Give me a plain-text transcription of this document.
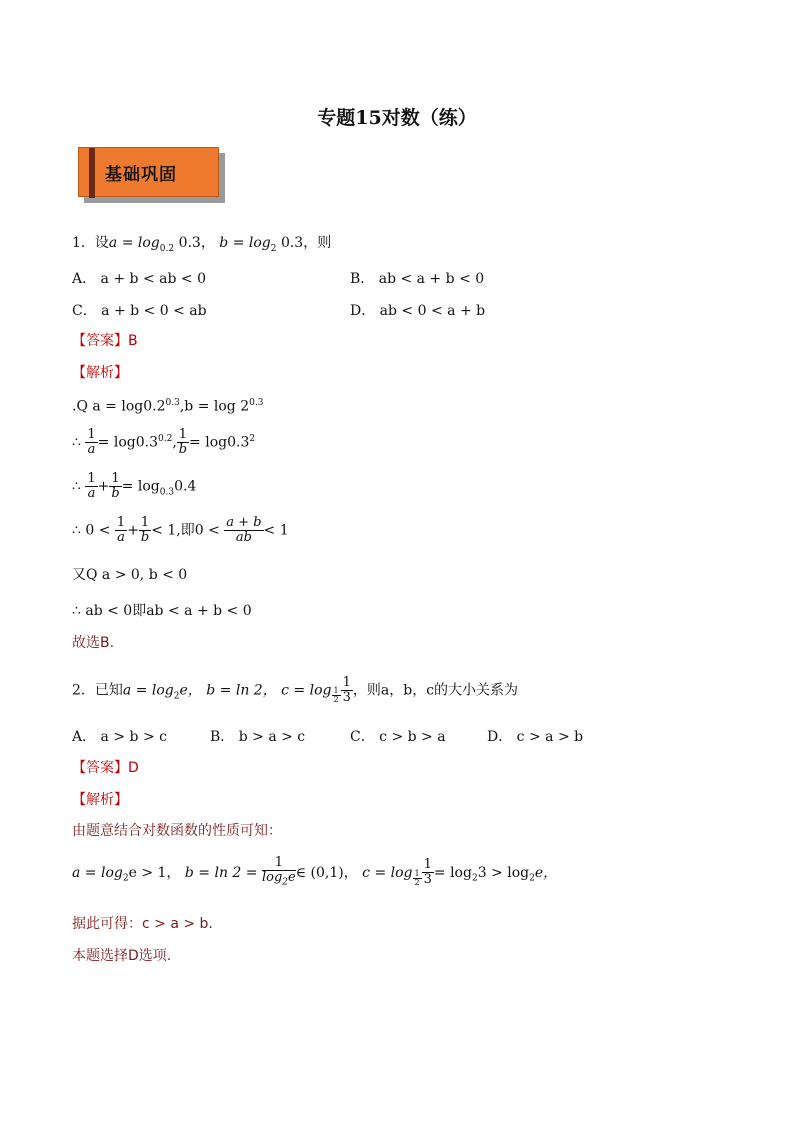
专题15对数（练）
基础巩固
1．设$a = \log_{0.2} 0.3$， $b = \log_2 0.3$，则
A． a + b < ab < 0	B． ab < a + b < 0
C． a + b < 0 < ab	D． ab < 0 < a + b
【答案】B
【解析】
.Q $a = \log 0.2^{0.3},b = \log 2^{0.3}$
∴ $\frac{1}{a} = \log 0.3^{0.2}$, $\frac{1}{b} = \log 0.3^2$
∴ $\frac{1}{a} + \frac{1}{b} = \log_{0.3}0.4$
∴ $0 < \frac{1}{a} + \frac{1}{b} < 1$,即$0 < \frac{a + b}{ab} < 1$
又Q a > 0, b < 0
∴ ab < 0即ab < a + b < 0
故选B.
2．已知$a = \log_2e$， b = ln 2， $c = \log _{\frac{1}{2}} \frac{1}{3}$ ，则a，b，c的大小关系为
A． a > b > c	B． b > a > c	C． c > b > a	D． c > a > b
【答案】D
【解析】
由题意结合对数函数的性质可知：
$a = \log_2e > 1$， $b = \ln 2 = \frac{1}{\log_2e}$ ∈ (0,1)， $c = \log _{\frac{1}{2}} \frac{1}{3} = \log_23 > \log_2e$，
据此可得：c > a > b.
本题选择D选项.
